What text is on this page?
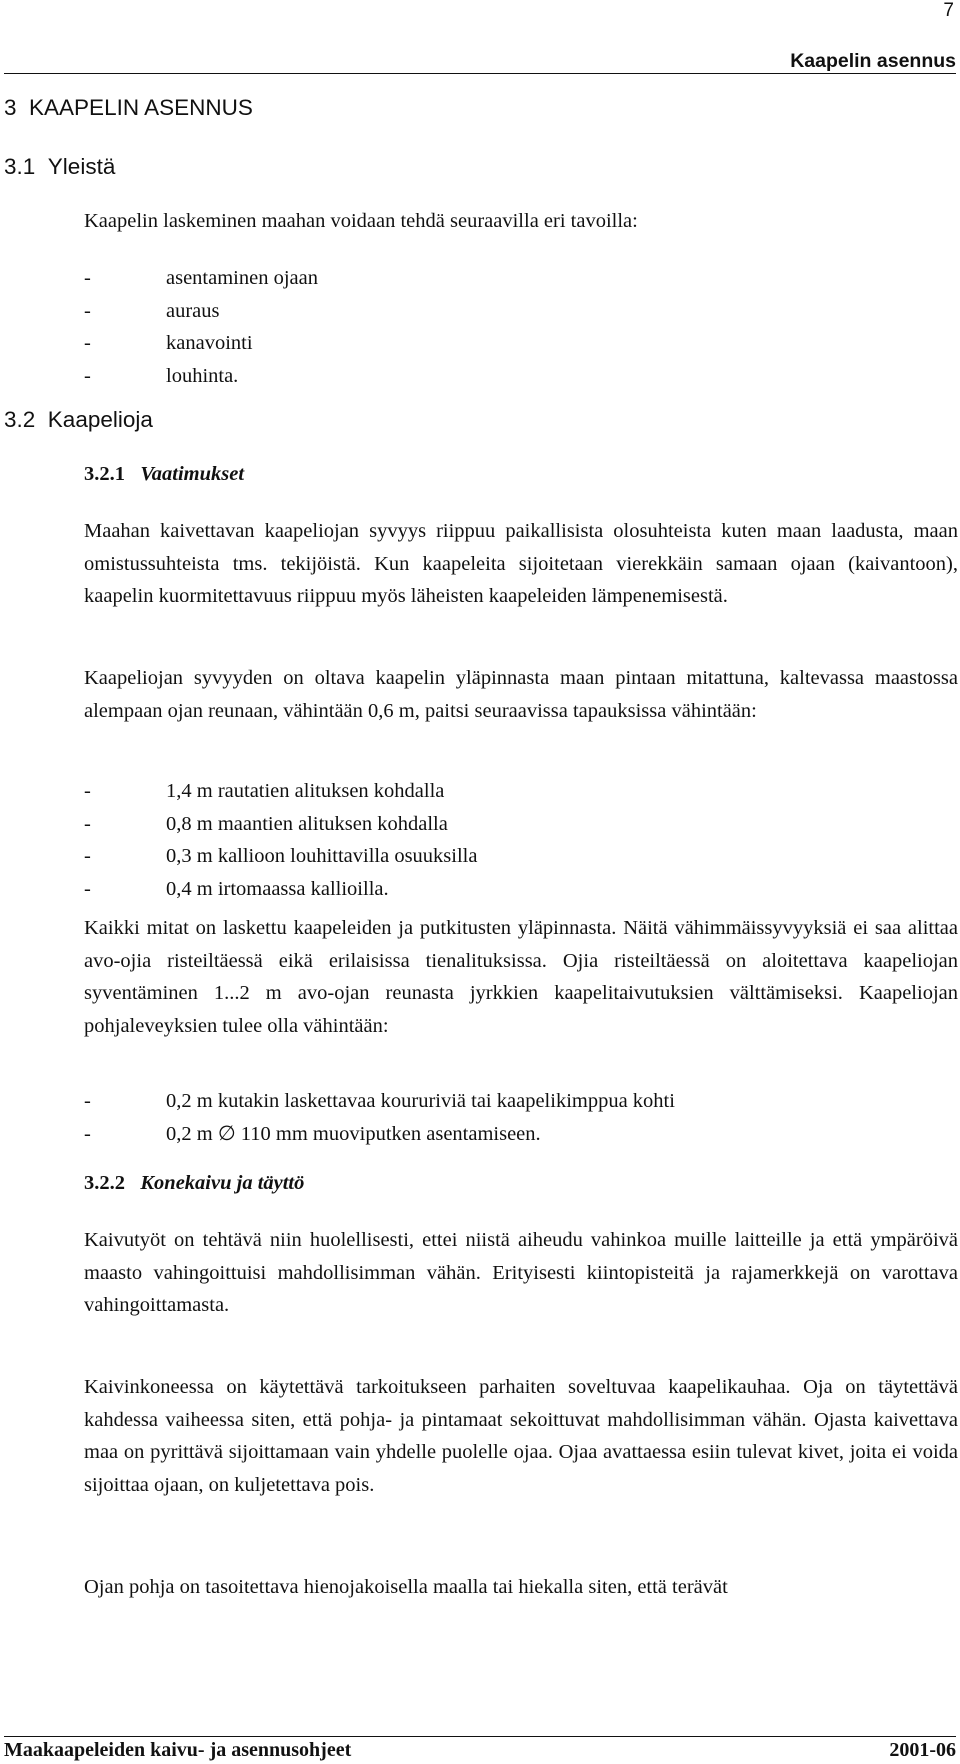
7
Kaapelin asennus
3 KAAPELIN ASENNUS
3.1 Yleistä
Kaapelin laskeminen maahan voidaan tehdä seuraavilla eri tavoilla:
-	asentaminen ojaan
-	auraus
-	kanavointi
-	louhinta.
3.2 Kaapelioja
3.2.1 Vaatimukset
Maahan kaivettavan kaapeliojan syvyys riippuu paikallisista olosuhteista kuten maan laadusta, maan omistussuhteista tms. tekijöistä. Kun kaapeleita sijoitetaan vierekkäin samaan ojaan (kaivantoon), kaapelin kuormitettavuus riippuu myös läheisten kaapeleiden lämpenemisestä.
Kaapeliojan syvyyden on oltava kaapelin yläpinnasta maan pintaan mitattuna, kaltevassa maastossa alempaan ojan reunaan, vähintään 0,6 m, paitsi seuraavissa tapauksissa vähintään:
-	1,4 m rautatien alituksen kohdalla
-	0,8 m maantien alituksen kohdalla
-	0,3 m kallioon louhittavilla osuuksilla
-	0,4 m irtomaassa kallioilla.
Kaikki mitat on laskettu kaapeleiden ja putkitusten yläpinnasta. Näitä vähimmäissyvyyksiä ei saa alittaa avo-ojia risteiltäessä eikä erilaisissa tienalituksissa. Ojia risteiltäessä on aloitettava kaapeliojan syventäminen 1...2 m avo-ojan reunasta jyrkkien kaapelitaivutuksien välttämiseksi. Kaapeliojan pohjaleveyksien tulee olla vähintään:
-	0,2 m kutakin laskettavaa koururiviä tai kaapelikimppua kohti
-	0,2 m ∅ 110 mm muoviputken asentamiseen.
3.2.2 Konekaivu ja täyttö
Kaivutyöt on tehtävä niin huolellisesti, ettei niistä aiheudu vahinkoa muille laitteille ja että ympäröivä maasto vahingoittuisi mahdollisimman vähän. Erityisesti kiintopisteitä ja rajamerkkejä on varottava vahingoittamasta.
Kaivinkoneessa on käytettävä tarkoitukseen parhaiten soveltuvaa kaapelikauhaa. Oja on täytettävä kahdessa vaiheessa siten, että pohja- ja pintamaat sekoittuvat mahdollisimman vähän. Ojasta kaivettava maa on pyrittävä sijoittamaan vain yhdelle puolelle ojaa. Ojaa avattaessa esiin tulevat kivet, joita ei voida sijoittaa ojaan, on kuljetettava pois.
Ojan pohja on tasoitettava hienojakoisella maalla tai hiekalla siten, että terävät
Maakaapeleiden kaivu- ja asennusohjeet	2001-06
